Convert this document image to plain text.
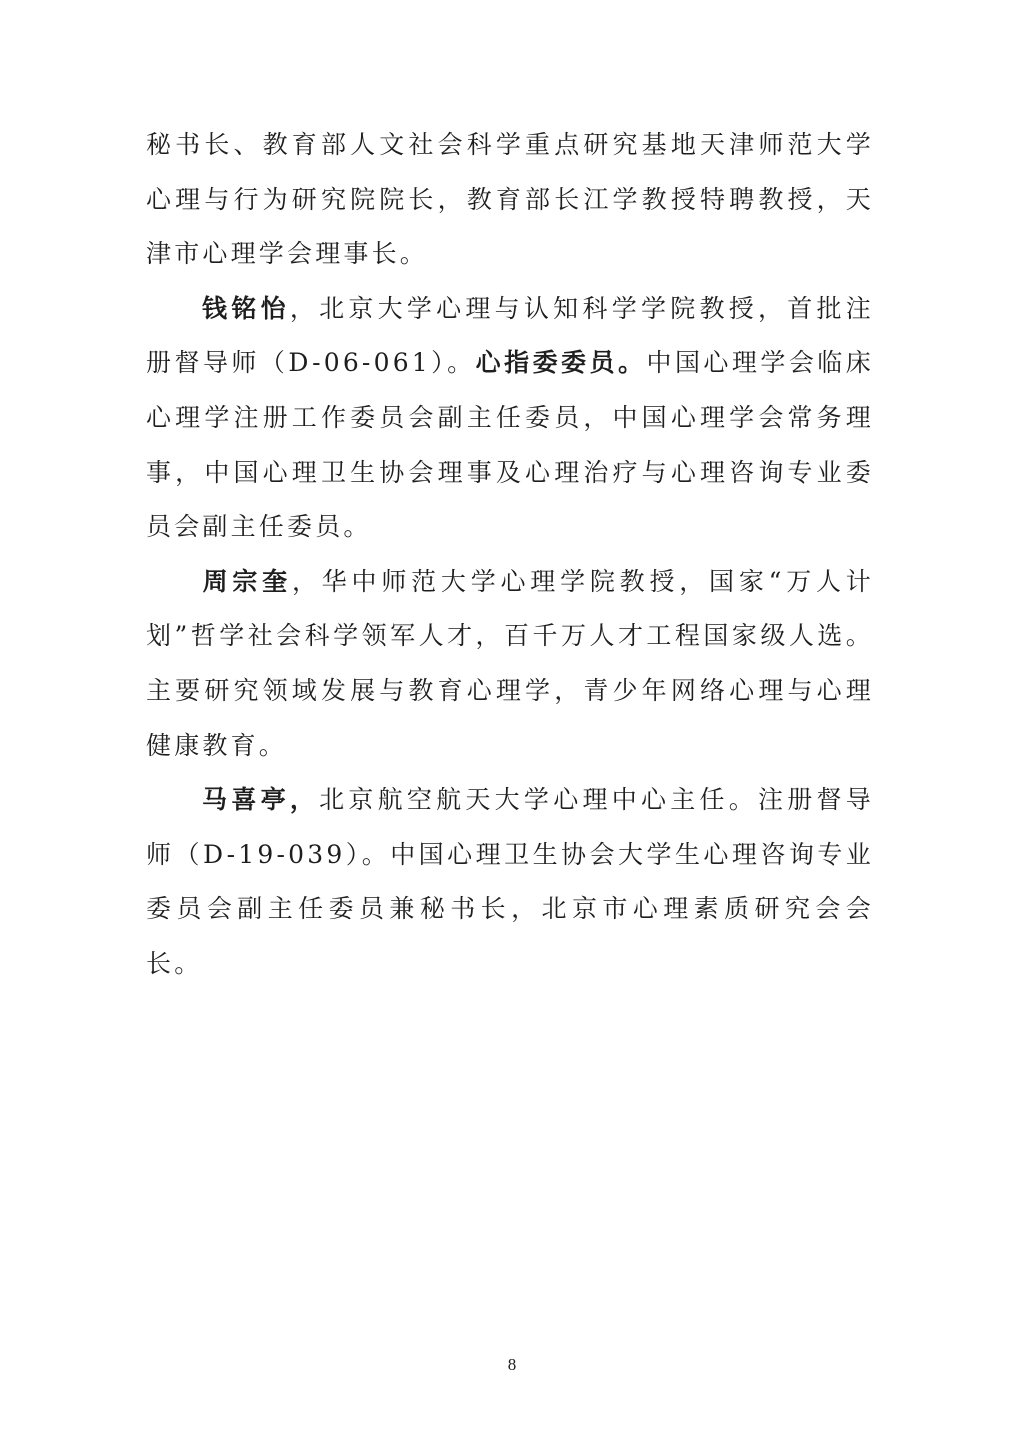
秘书长、教育部人文社会科学重点研究基地天津师范大学心理与行为研究院院长，教育部长江学教授特聘教授，天津市心理学会理事长。

钱铭怡，北京大学心理与认知科学学院教授，首批注册督导师（D-06-061）。心指委委员。中国心理学会临床心理学注册工作委员会副主任委员，中国心理学会常务理事，中国心理卫生协会理事及心理治疗与心理咨询专业委员会副主任委员。

周宗奎，华中师范大学心理学院教授，国家“万人计划”哲学社会科学领军人才，百千万人才工程国家级人选。主要研究领域发展与教育心理学，青少年网络心理与心理健康教育。

马喜亭，北京航空航天大学心理中心主任。注册督导师（D-19-039）。中国心理卫生协会大学生心理咨询专业委员会副主任委员兼秘书长，北京市心理素质研究会会长。

8
